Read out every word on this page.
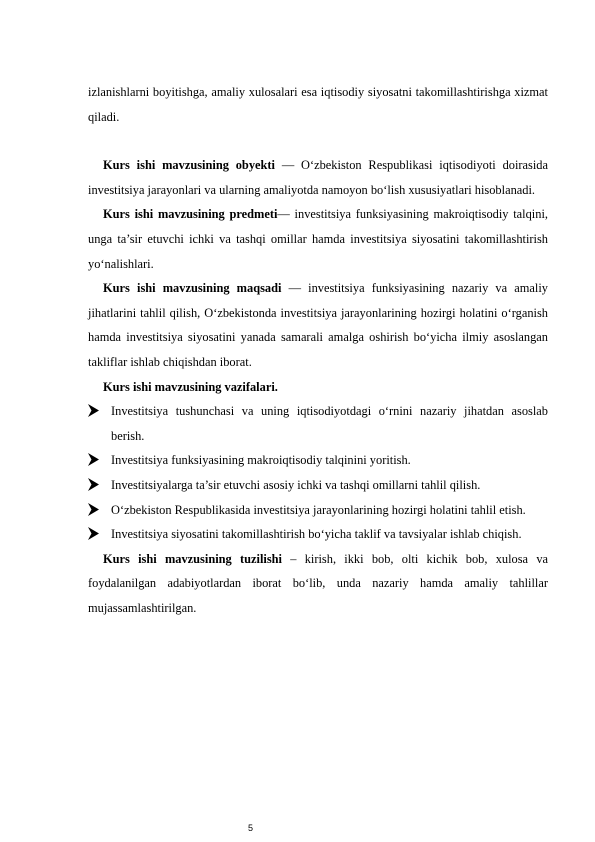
izlanishlarni boyitishga, amaliy xulosalari esa iqtisodiy siyosatni takomillashtirishga xizmat qiladi.

Kurs ishi mavzusining obyekti — O‘zbekiston Respublikasi iqtisodiyoti doirasida investitsiya jarayonlari va ularning amaliyotda namoyon bo‘lish xususiyatlari hisoblanadi.

Kurs ishi mavzusining predmeti— investitsiya funksiyasining makroiqtisodiy talqini, unga ta’sir etuvchi ichki va tashqi omillar hamda investitsiya siyosatini takomillashtirish yo‘nalishlari.

Kurs ishi mavzusining maqsadi — investitsiya funksiyasining nazariy va amaliy jihatlarini tahlil qilish, O‘zbekistonda investitsiya jarayonlarining hozirgi holatini o‘rganish hamda investitsiya siyosatini yanada samarali amalga oshirish bo‘yicha ilmiy asoslangan takliflar ishlab chiqishdan iborat.

Kurs ishi mavzusining vazifalari.

Investitsiya tushunchasi va uning iqtisodiyotdagi o‘rnini nazariy jihatdan asoslab berish.

Investitsiya funksiyasining makroiqtisodiy talqinini yoritish.

Investitsiyalarga ta’sir etuvchi asosiy ichki va tashqi omillarni tahlil qilish.

O‘zbekiston Respublikasida investitsiya jarayonlarining hozirgi holatini tahlil etish.

Investitsiya siyosatini takomillashtirish bo‘yicha taklif va tavsiyalar ishlab chiqish.

Kurs ishi mavzusining tuzilishi – kirish, ikki bob, olti kichik bob, xulosa va foydalanilgan adabiyotlardan iborat bo‘lib, unda nazariy hamda amaliy tahlillar mujassamlashtirilgan.

5
